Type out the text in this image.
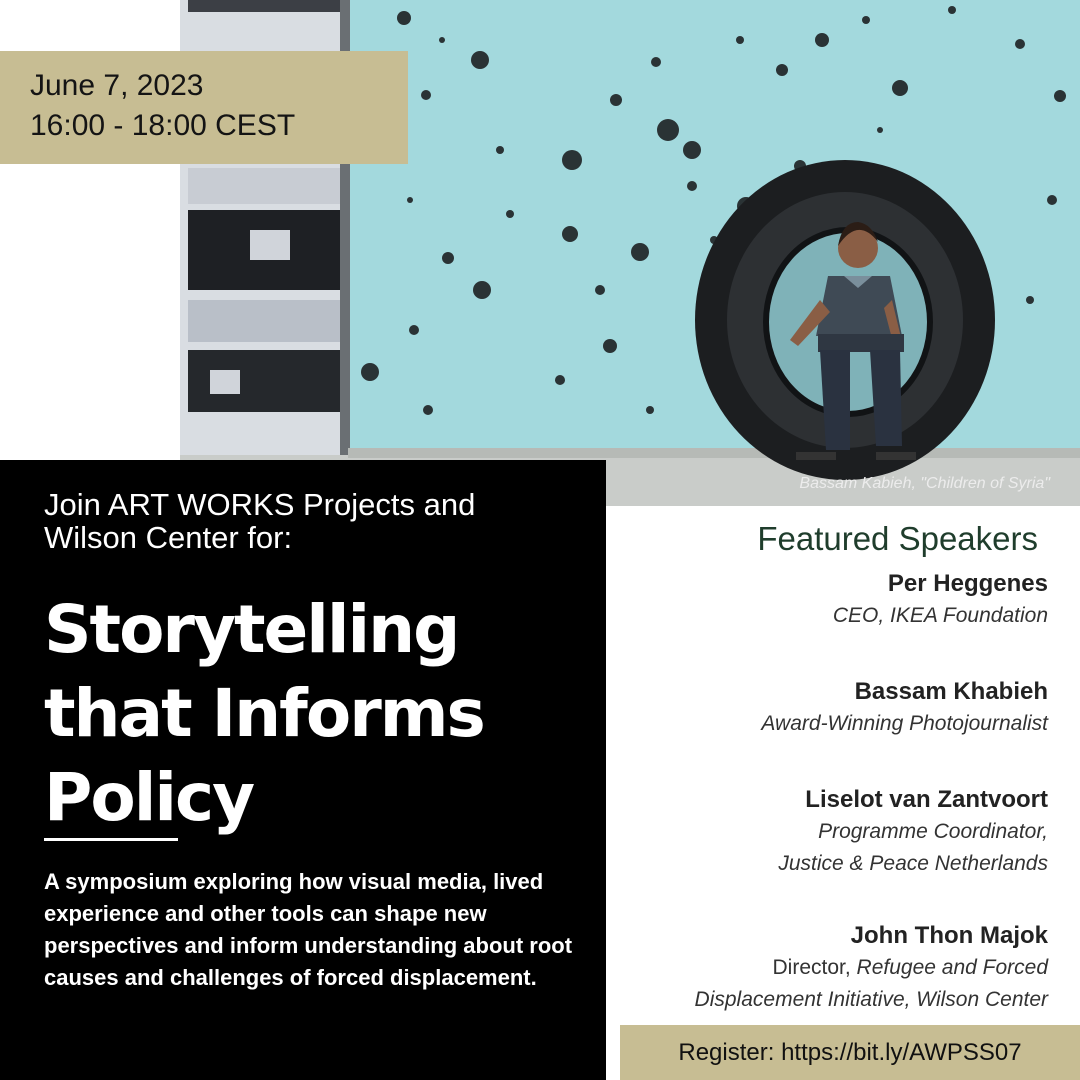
June 7, 2023
16:00 - 18:00 CEST
Bassam Kabieh, "Children of Syria"
Join ART WORKS Projects and
Wilson Center for:
Storytelling
that Informs
Policy
A symposium exploring how visual media, lived experience and other tools can shape new perspectives and inform understanding about root causes and challenges of forced displacement.
Featured Speakers
Per Heggenes
CEO, IKEA Foundation
Bassam Khabieh
Award-Winning Photojournalist
Liselot van Zantvoort
Programme Coordinator,
Justice & Peace Netherlands
John Thon Majok
Director, Refugee and Forced
Displacement Initiative, Wilson Center
Register: https://bit.ly/AWPSS07
